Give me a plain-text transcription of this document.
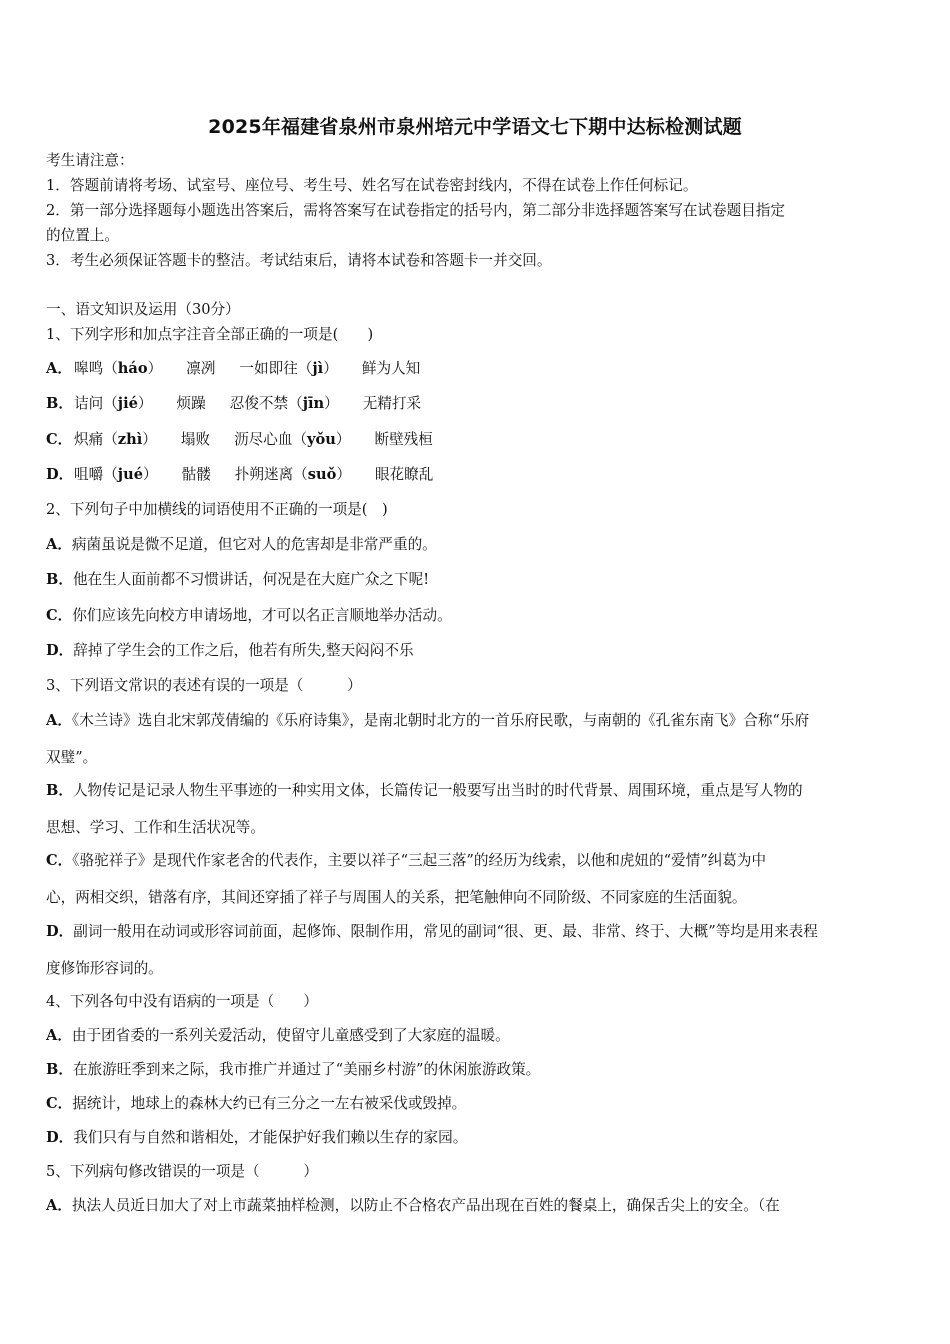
2025年福建省泉州市泉州培元中学语文七下期中达标检测试题
考生请注意：
1．答题前请将考场、试室号、座位号、考生号、姓名写在试卷密封线内，不得在试卷上作任何标记。
2．第一部分选择题每小题选出答案后，需将答案写在试卷指定的括号内，第二部分非选择题答案写在试卷题目指定
的位置上。
3．考生必须保证答题卡的整洁。考试结束后，请将本试卷和答题卡一并交回。
一、语文知识及运用（30分）
1、下列字形和加点字注音全部正确的一项是(　　)
A． 嗥鸣（háo） 凛冽 一如即往（jì） 鲜为人知
B． 诘问（jié） 烦躁 忍俊不禁（jīn） 无精打采
C． 炽痛（zhì） 塌败 沥尽心血（yǒu） 断壁残桓
D． 咀嚼（jué） 骷髅 扑朔迷离（suǒ） 眼花瞭乱
2、下列句子中加横线的词语使用不正确的一项是(　)
A．病菌虽说是微不足道，但它对人的危害却是非常严重的。
B．他在生人面前都不习惯讲话，何况是在大庭广众之下呢!
C．你们应该先向校方申请场地，才可以名正言顺地举办活动。
D．辞掉了学生会的工作之后，他若有所失,整天闷闷不乐
3、下列语文常识的表述有误的一项是（　　　）
A．《木兰诗》选自北宋郭茂倩编的《乐府诗集》，是南北朝时北方的一首乐府民歌，与南朝的《孔雀东南飞》合称“乐府
双璧”。
B．人物传记是记录人物生平事迹的一种实用文体，长篇传记一般要写出当时的时代背景、周围环境，重点是写人物的
思想、学习、工作和生活状况等。
C．《骆驼祥子》是现代作家老舍的代表作，主要以祥子“三起三落”的经历为线索，以他和虎妞的“爱情”纠葛为中
心，两相交织，错落有序，其间还穿插了祥子与周围人的关系，把笔触伸向不同阶级、不同家庭的生活面貌。
D．副词一般用在动词或形容词前面，起修饰、限制作用，常见的副词“很、更、最、非常、终于、大概”等均是用来表程
度修饰形容词的。
4、下列各句中没有语病的一项是（　　）
A．由于团省委的一系列关爱活动，使留守儿童感受到了大家庭的温暖。
B．在旅游旺季到来之际，我市推广并通过了“美丽乡村游”的休闲旅游政策。
C．据统计，地球上的森林大约已有三分之一左右被采伐或毁掉。
D．我们只有与自然和谐相处，才能保护好我们赖以生存的家园。
5、下列病句修改错误的一项是（　　　）
A．执法人员近日加大了对上市蔬菜抽样检测，以防止不合格农产品出现在百姓的餐桌上，确保舌尖上的安全。（在
